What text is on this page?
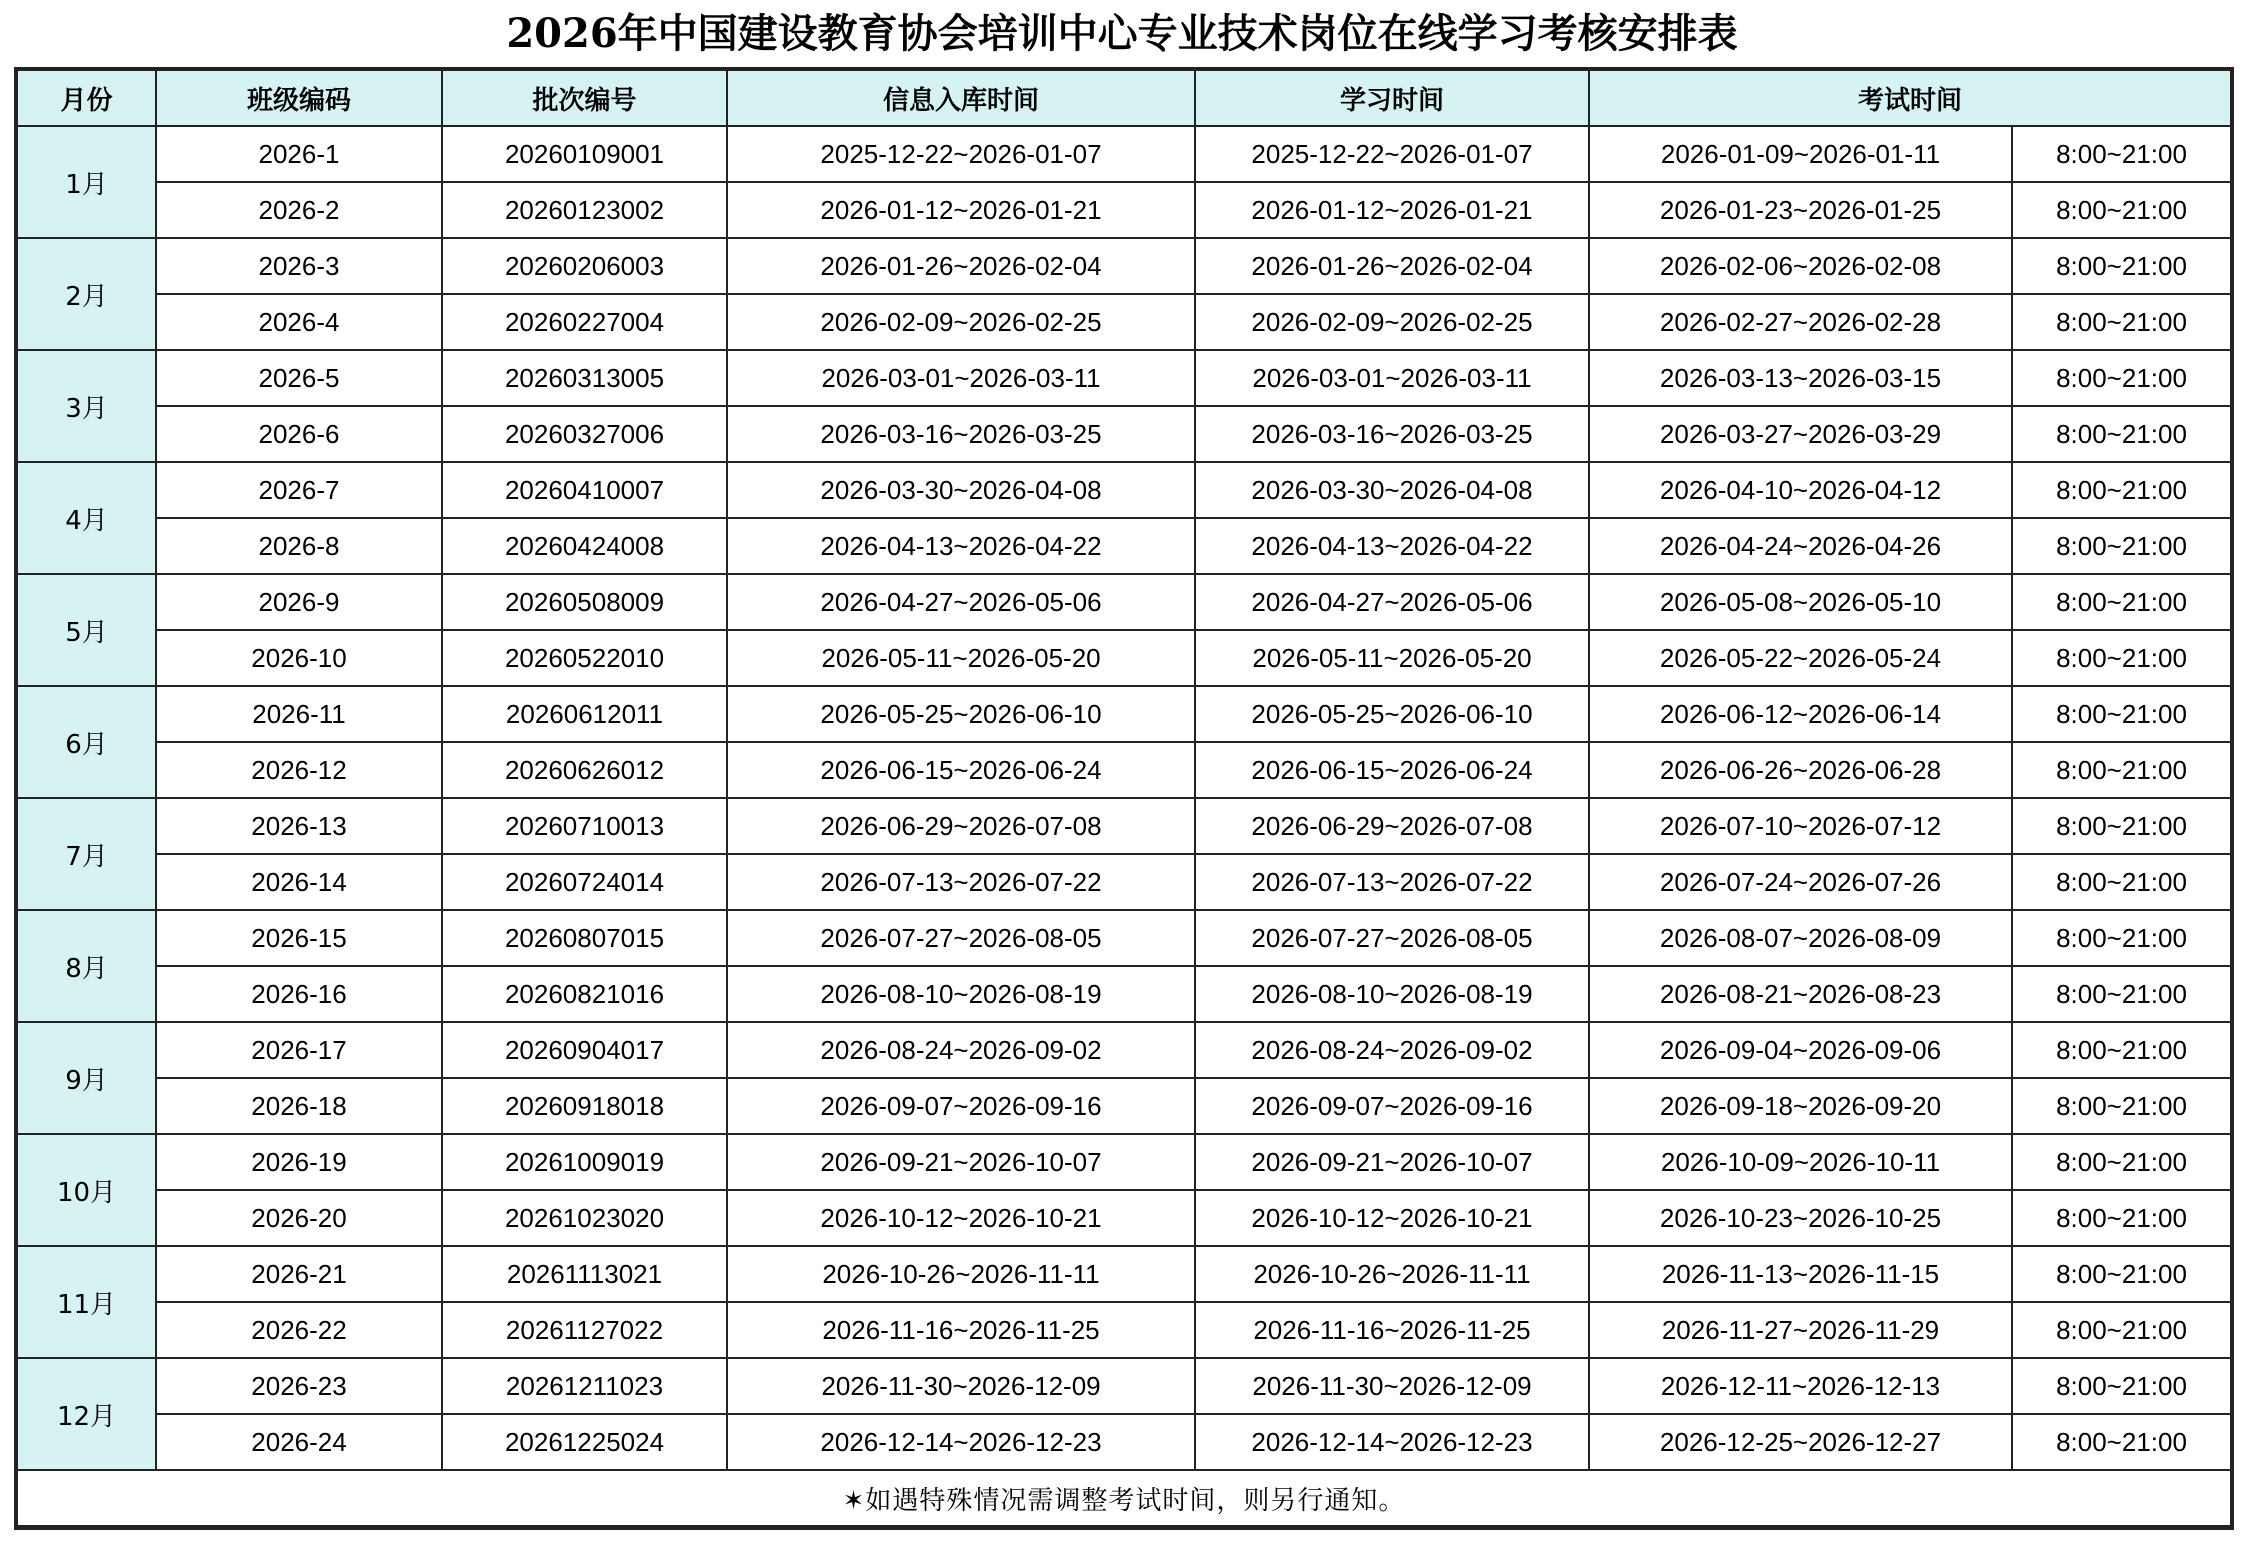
2026年中国建设教育协会培训中心专业技术岗位在线学习考核安排表
月份	班级编码	批次编号	信息入库时间	学习时间	考试时间	
1月	2026-1	20260109001	2025-12-22~2026-01-07	2025-12-22~2026-01-07	2026-01-09~2026-01-11	8:00~21:00
	2026-2	20260123002	2026-01-12~2026-01-21	2026-01-12~2026-01-21	2026-01-23~2026-01-25	8:00~21:00
2月	2026-3	20260206003	2026-01-26~2026-02-04	2026-01-26~2026-02-04	2026-02-06~2026-02-08	8:00~21:00
	2026-4	20260227004	2026-02-09~2026-02-25	2026-02-09~2026-02-25	2026-02-27~2026-02-28	8:00~21:00
3月	2026-5	20260313005	2026-03-01~2026-03-11	2026-03-01~2026-03-11	2026-03-13~2026-03-15	8:00~21:00
	2026-6	20260327006	2026-03-16~2026-03-25	2026-03-16~2026-03-25	2026-03-27~2026-03-29	8:00~21:00
4月	2026-7	20260410007	2026-03-30~2026-04-08	2026-03-30~2026-04-08	2026-04-10~2026-04-12	8:00~21:00
	2026-8	20260424008	2026-04-13~2026-04-22	2026-04-13~2026-04-22	2026-04-24~2026-04-26	8:00~21:00
5月	2026-9	20260508009	2026-04-27~2026-05-06	2026-04-27~2026-05-06	2026-05-08~2026-05-10	8:00~21:00
	2026-10	20260522010	2026-05-11~2026-05-20	2026-05-11~2026-05-20	2026-05-22~2026-05-24	8:00~21:00
6月	2026-11	20260612011	2026-05-25~2026-06-10	2026-05-25~2026-06-10	2026-06-12~2026-06-14	8:00~21:00
	2026-12	20260626012	2026-06-15~2026-06-24	2026-06-15~2026-06-24	2026-06-26~2026-06-28	8:00~21:00
7月	2026-13	20260710013	2026-06-29~2026-07-08	2026-06-29~2026-07-08	2026-07-10~2026-07-12	8:00~21:00
	2026-14	20260724014	2026-07-13~2026-07-22	2026-07-13~2026-07-22	2026-07-24~2026-07-26	8:00~21:00
8月	2026-15	20260807015	2026-07-27~2026-08-05	2026-07-27~2026-08-05	2026-08-07~2026-08-09	8:00~21:00
	2026-16	20260821016	2026-08-10~2026-08-19	2026-08-10~2026-08-19	2026-08-21~2026-08-23	8:00~21:00
9月	2026-17	20260904017	2026-08-24~2026-09-02	2026-08-24~2026-09-02	2026-09-04~2026-09-06	8:00~21:00
	2026-18	20260918018	2026-09-07~2026-09-16	2026-09-07~2026-09-16	2026-09-18~2026-09-20	8:00~21:00
10月	2026-19	20261009019	2026-09-21~2026-10-07	2026-09-21~2026-10-07	2026-10-09~2026-10-11	8:00~21:00
	2026-20	20261023020	2026-10-12~2026-10-21	2026-10-12~2026-10-21	2026-10-23~2026-10-25	8:00~21:00
11月	2026-21	20261113021	2026-10-26~2026-11-11	2026-10-26~2026-11-11	2026-11-13~2026-11-15	8:00~21:00
	2026-22	20261127022	2026-11-16~2026-11-25	2026-11-16~2026-11-25	2026-11-27~2026-11-29	8:00~21:00
12月	2026-23	20261211023	2026-11-30~2026-12-09	2026-11-30~2026-12-09	2026-12-11~2026-12-13	8:00~21:00
	2026-24	20261225024	2026-12-14~2026-12-23	2026-12-14~2026-12-23	2026-12-25~2026-12-27	8:00~21:00
✶如遇特殊情况需调整考试时间，则另行通知。						
